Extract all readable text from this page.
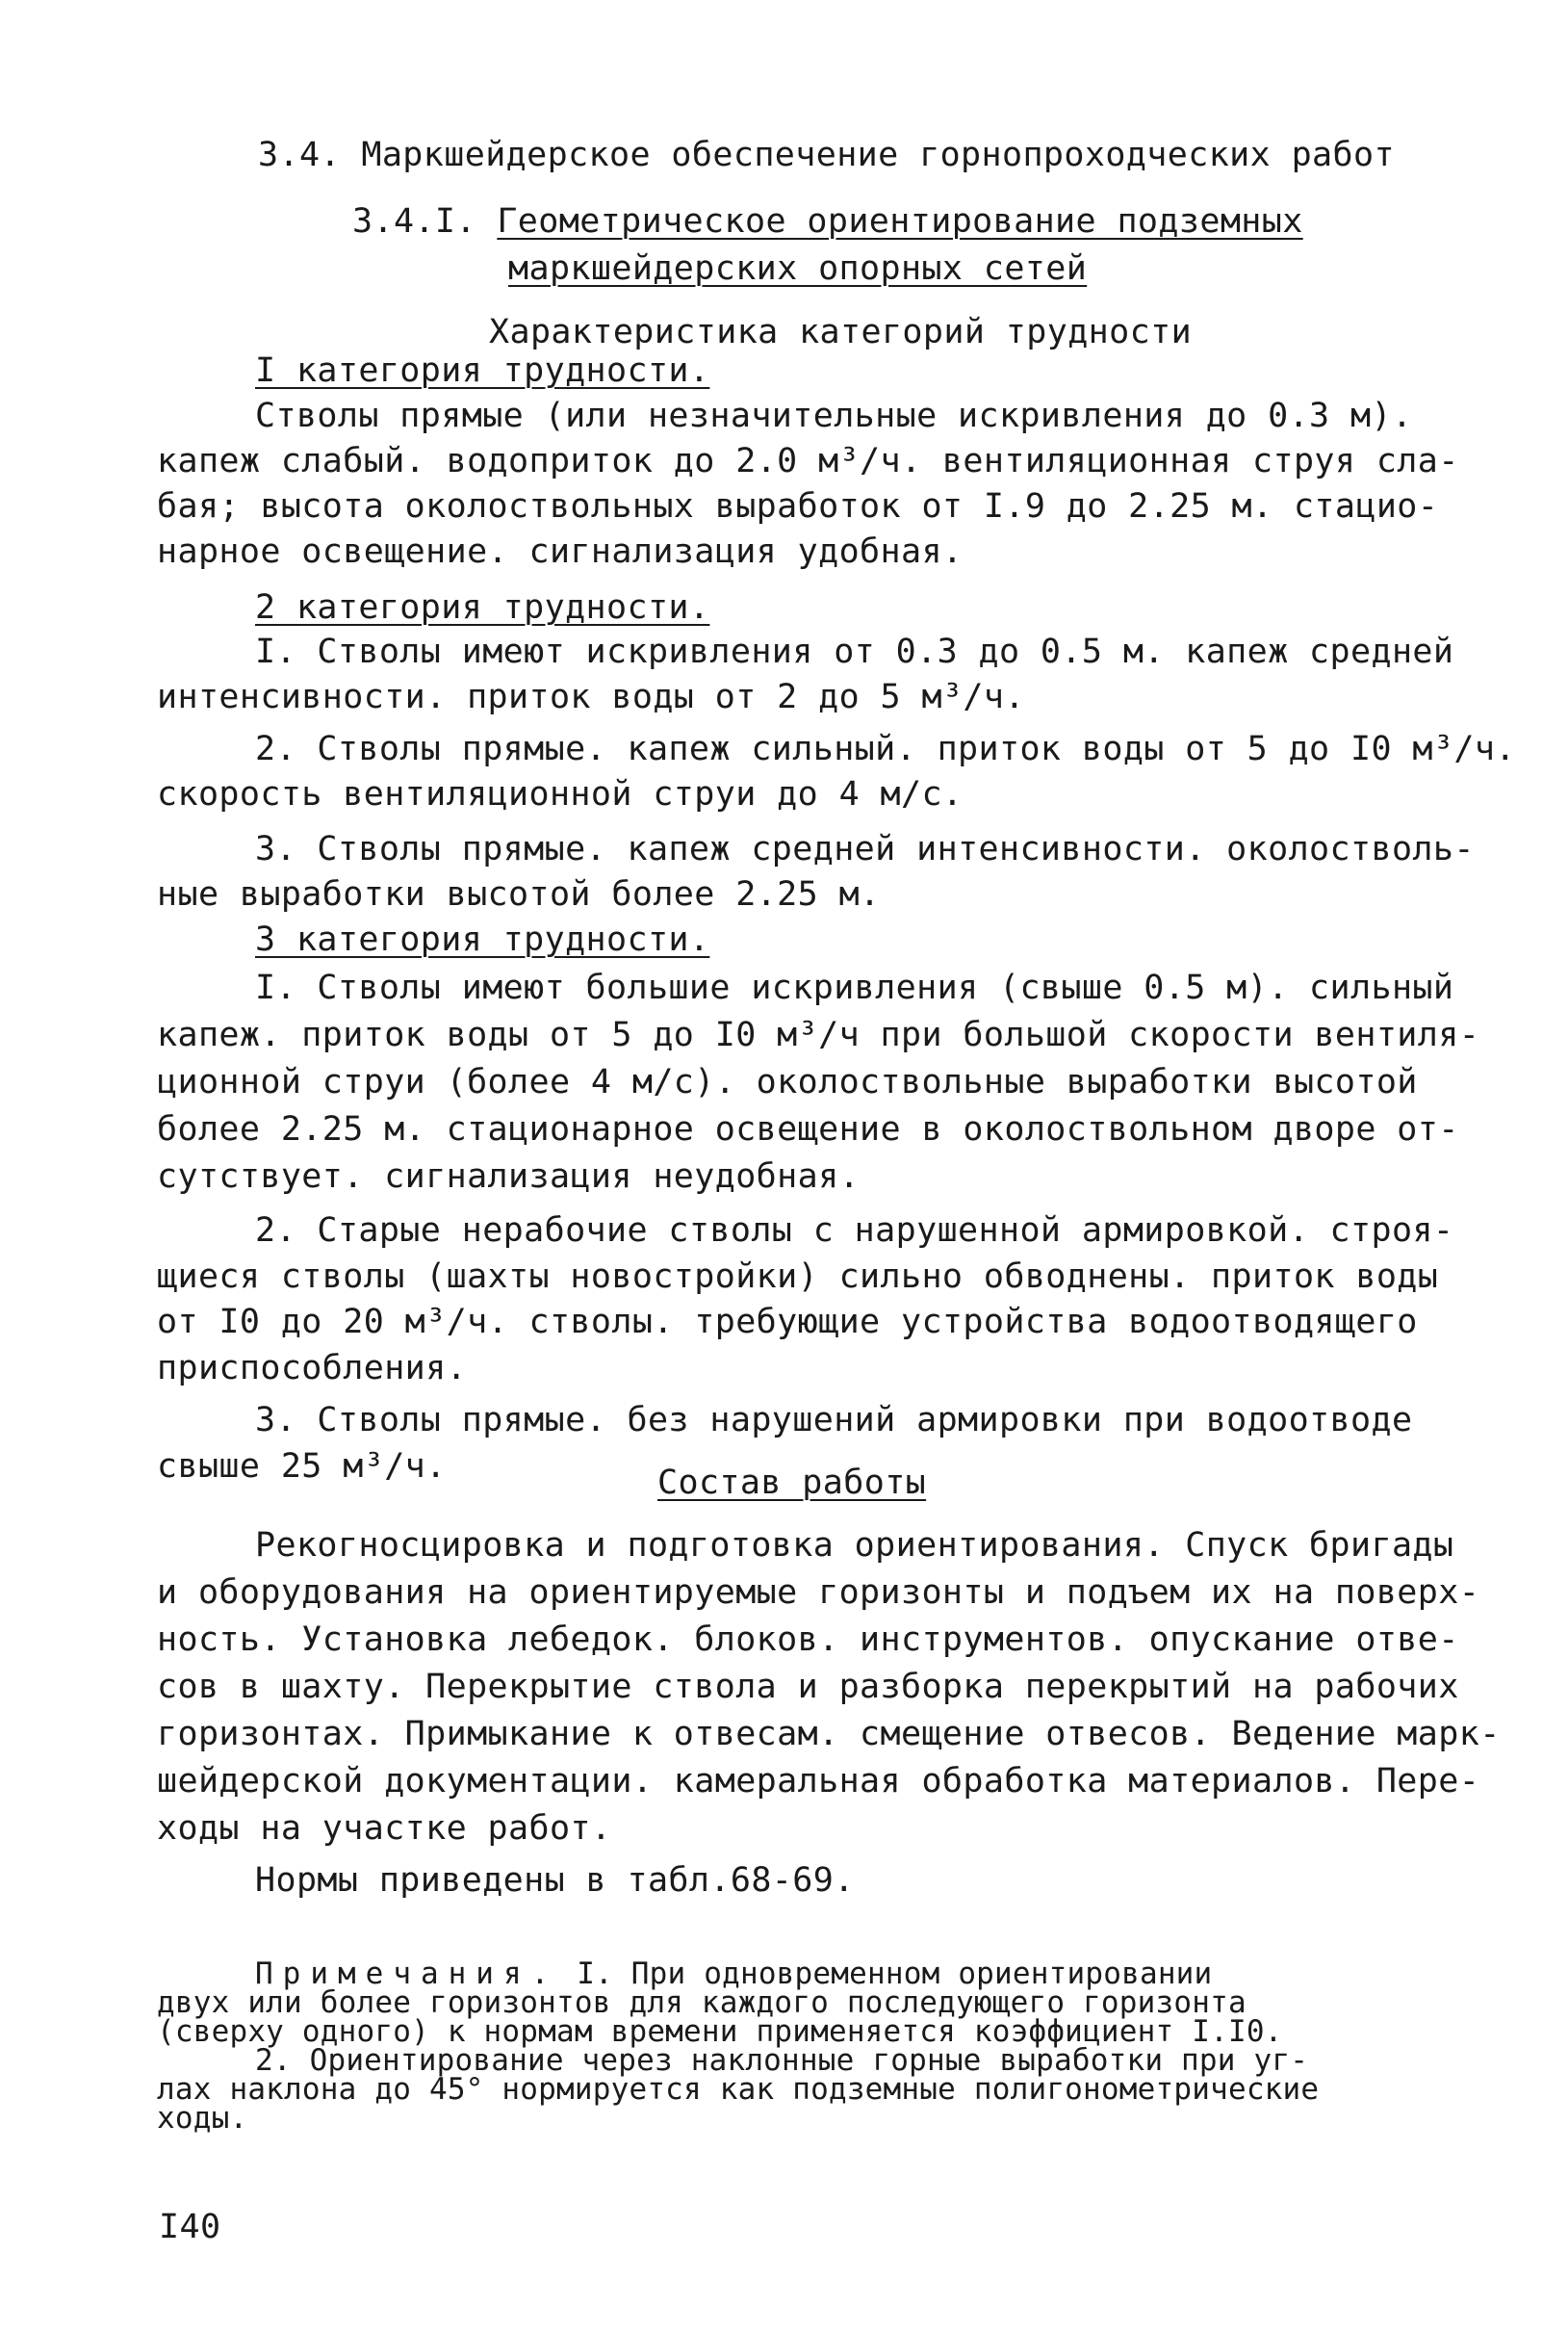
3.4. Маркшейдерское обеспечение горнопроходческих работ
3.4.I. Геометрическое ориентирование подземных
маркшейдерских опорных сетей
Характеристика категорий трудности
I категория трудности.
Стволы прямые (или незначительные искривления до 0.3 м).
капеж слабый. водоприток до 2.0 м³/ч. вентиляционная струя сла-
бая; высота околоствольных выработок от I.9 до 2.25 м. стацио-
нарное освещение. сигнализация удобная.
2 категория трудности.
I. Стволы имеют искривления от 0.3 до 0.5 м. капеж средней
интенсивности. приток воды от 2 до 5 м³/ч.
2. Стволы прямые. капеж сильный. приток воды от 5 до I0 м³/ч.
скорость вентиляционной струи до 4 м/с.
3. Стволы прямые. капеж средней интенсивности. околостволь-
ные выработки высотой более 2.25 м.
3 категория трудности.
I. Стволы имеют большие искривления (свыше 0.5 м). сильный
капеж. приток воды от 5 до I0 м³/ч при большой скорости вентиля-
ционной струи (более 4 м/с). околоствольные выработки высотой
более 2.25 м. стационарное освещение в околоствольном дворе от-
сутствует. сигнализация неудобная.
2. Старые нерабочие стволы с нарушенной армировкой. строя-
щиеся стволы (шахты новостройки) сильно обводнены. приток воды
от I0 до 20 м³/ч. стволы. требующие устройства водоотводящего
приспособления.
3. Стволы прямые. без нарушений армировки при водоотводе
свыше 25 м³/ч.	Состав работы
Рекогносцировка и подготовка ориентирования. Спуск бригады
и оборудования на ориентируемые горизонты и подъем их на поверх-
ность. Установка лебедок. блоков. инструментов. опускание отве-
сов в шахту. Перекрытие ствола и разборка перекрытий на рабочих
горизонтах. Примыкание к отвесам. смещение отвесов. Ведение марк-
шейдерской документации. камеральная обработка материалов. Пере-
ходы на участке работ.
Нормы приведены в табл.68-69.
Примечания. I. При одновременном ориентировании
двух или более горизонтов для каждого последующего горизонта
(сверху одного) к нормам времени применяется коэффициент I.I0.
2. Ориентирование через наклонные горные выработки при уг-
лах наклона до 45° нормируется как подземные полигонометрические
ходы.
I40
